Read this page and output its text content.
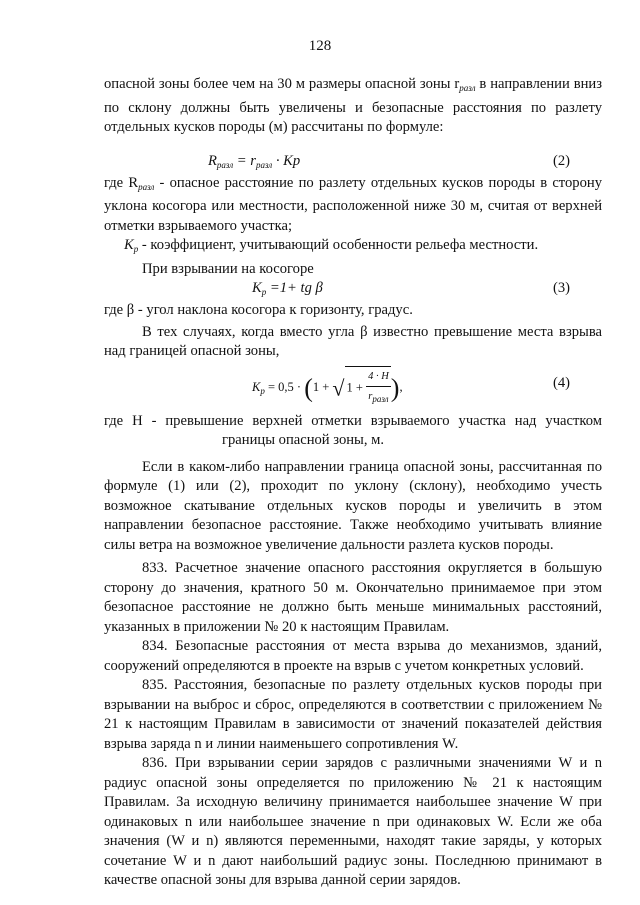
128

опасной зоны более чем на 30 м размеры опасной зоны $r_{разл}$ в направлении вниз по склону должны быть увеличены и безопасные расстояния по разлету отдельных кусков породы (м) рассчитаны по формуле:

$R_{разл} = r_{разл} \cdot Kp$	(2)

где $R_{разл}$ - опасное расстояние по разлету отдельных кусков породы в сторону уклона косогора или местности, расположенной ниже 30 м, считая от верхней отметки взрываемого участка;

$K_p$ - коэффициент, учитывающий особенности рельефа местности.

При взрывании на косогоре

$K_p =1+$ tg β	(3)

где β - угол наклона косогора к горизонту, градус.

В тех случаях, когда вместо угла β известно превышение места взрыва над границей опасной зоны,

$K_p = 0,5 \cdot (1$ + √ $1 + \frac{4 \cdot H}{r_{разл}}$ ),	(4)

где H - превышение верхней отметки взрываемого участка над участком границы опасной зоны, м.

Если в каком-либо направлении граница опасной зоны, рассчитанная по формуле (1) или (2), проходит по уклону (склону), необходимо учесть возможное скатывание отдельных кусков породы и увеличить в этом направлении безопасное расстояние. Также необходимо учитывать влияние силы ветра на возможное увеличение дальности разлета кусков породы.

833. Расчетное значение опасного расстояния округляется в большую сторону до значения, кратного 50 м. Окончательно принимаемое при этом безопасное расстояние не должно быть меньше минимальных расстояний, указанных в приложении № 20 к настоящим Правилам.

834. Безопасные расстояния от места взрыва до механизмов, зданий, сооружений определяются в проекте на взрыв с учетом конкретных условий.

835. Расстояния, безопасные по разлету отдельных кусков породы при взрывании на выброс и сброс, определяются в соответствии с приложением № 21 к настоящим Правилам в зависимости от значений показателей действия взрыва заряда n и линии наименьшего сопротивления W.

836. При взрывании серии зарядов с различными значениями W и n радиус опасной зоны определяется по приложению № 21 к настоящим Правилам. За исходную величину принимается наибольшее значение W при одинаковых n или наибольшее значение n при одинаковых W. Если же оба значения (W и n) являются переменными, находят такие заряды, у которых сочетание W и n дают наибольший радиус зоны. Последнюю принимают в качестве опасной зоны для взрыва данной серии зарядов.
